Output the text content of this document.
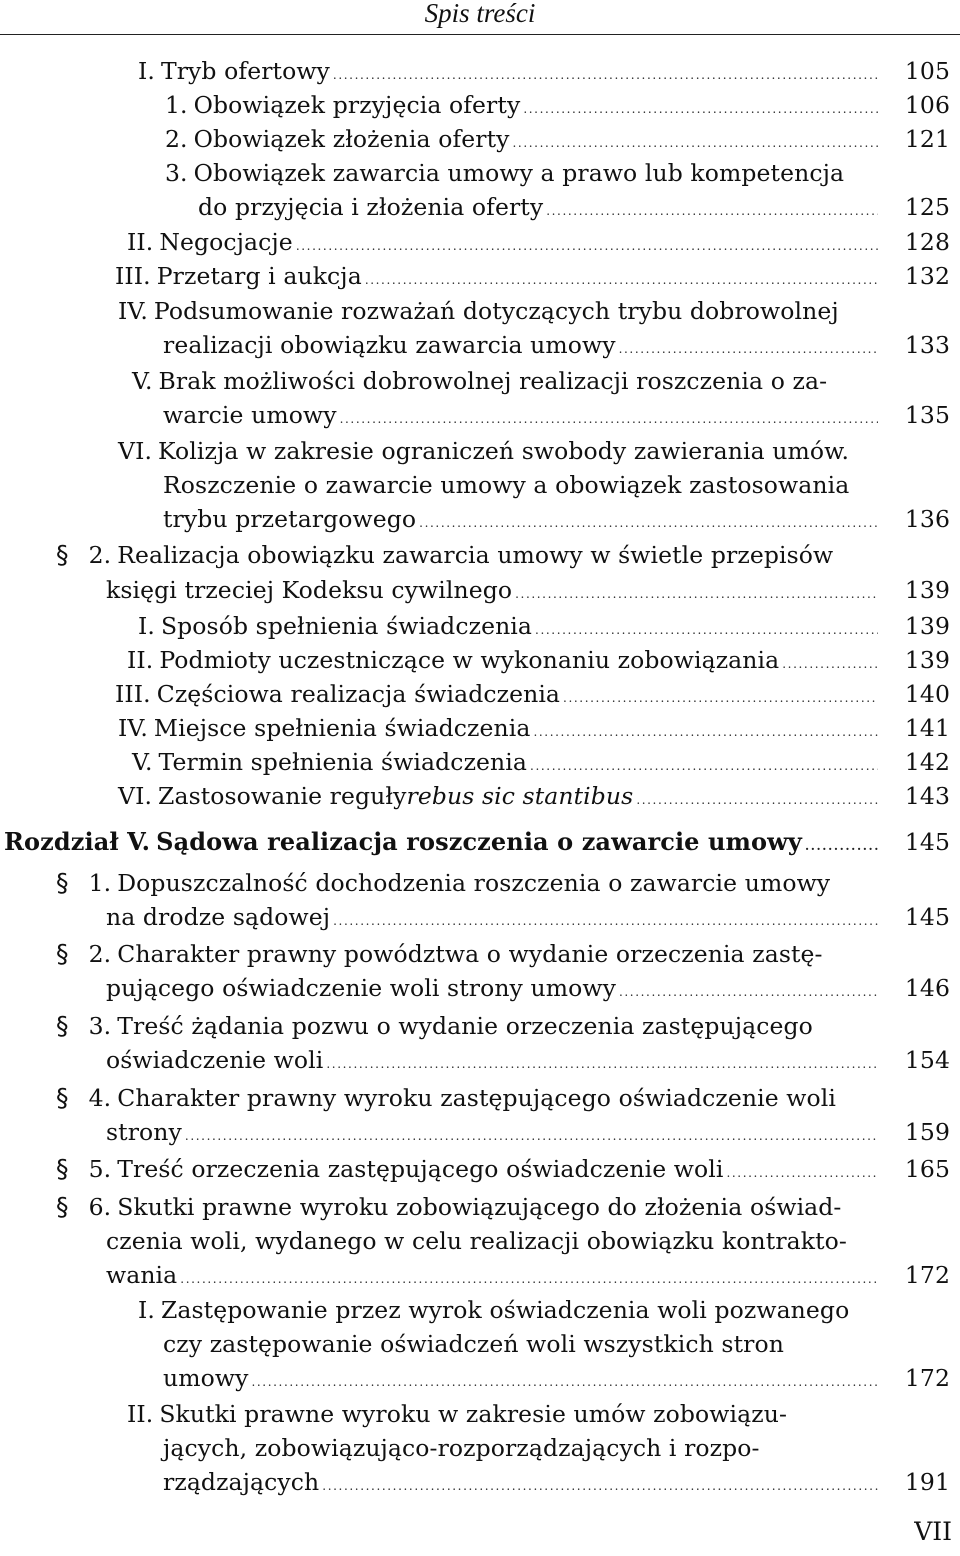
Spis treści
I. Tryb ofertowy .....	105
1. Obowiązek przyjęcia oferty .....	106
2. Obowiązek złożenia oferty .....	121
3. Obowiązek zawarcia umowy a prawo lub kompetencja
do przyjęcia i złożenia oferty .....	125
II. Negocjacje .....	128
III. Przetarg i aukcja .....	132
IV. Podsumowanie rozważań dotyczących trybu dobrowolnej
realizacji obowiązku zawarcia umowy .....	133
V. Brak możliwości dobrowolnej realizacji roszczenia o za-
warcie umowy .....	135
VI. Kolizja w zakresie ograniczeń swobody zawierania umów.
Roszczenie o zawarcie umowy a obowiązek zastosowania
trybu przetargowego .....	136
§ 2. Realizacja obowiązku zawarcia umowy w świetle przepisów
księgi trzeciej Kodeksu cywilnego .....	139
I. Sposób spełnienia świadczenia .....	139
II. Podmioty uczestniczące w wykonaniu zobowiązania .....	139
III. Częściowa realizacja świadczenia .....	140
IV. Miejsce spełnienia świadczenia .....	141
V. Termin spełnienia świadczenia .....	142
VI. Zastosowanie reguły rebus sic stantibus .....	143
Rozdział V. Sądowa realizacja roszczenia o zawarcie umowy .....	145
§ 1. Dopuszczalność dochodzenia roszczenia o zawarcie umowy
na drodze sądowej .....	145
§ 2. Charakter prawny powództwa o wydanie orzeczenia zastę-
pującego oświadczenie woli strony umowy .....	146
§ 3. Treść żądania pozwu o wydanie orzeczenia zastępującego
oświadczenie woli .....	154
§ 4. Charakter prawny wyroku zastępującego oświadczenie woli
strony .....	159
§ 5. Treść orzeczenia zastępującego oświadczenie woli .....	165
§ 6. Skutki prawne wyroku zobowiązującego do złożenia oświad-
czenia woli, wydanego w celu realizacji obowiązku kontrakto-
wania .....	172
I. Zastępowanie przez wyrok oświadczenia woli pozwanego
czy zastępowanie oświadczeń woli wszystkich stron
umowy .....	172
II. Skutki prawne wyroku w zakresie umów zobowiązu-
jących, zobowiązująco-rozporządzających i rozpo-
rządzających .....	191
VII
